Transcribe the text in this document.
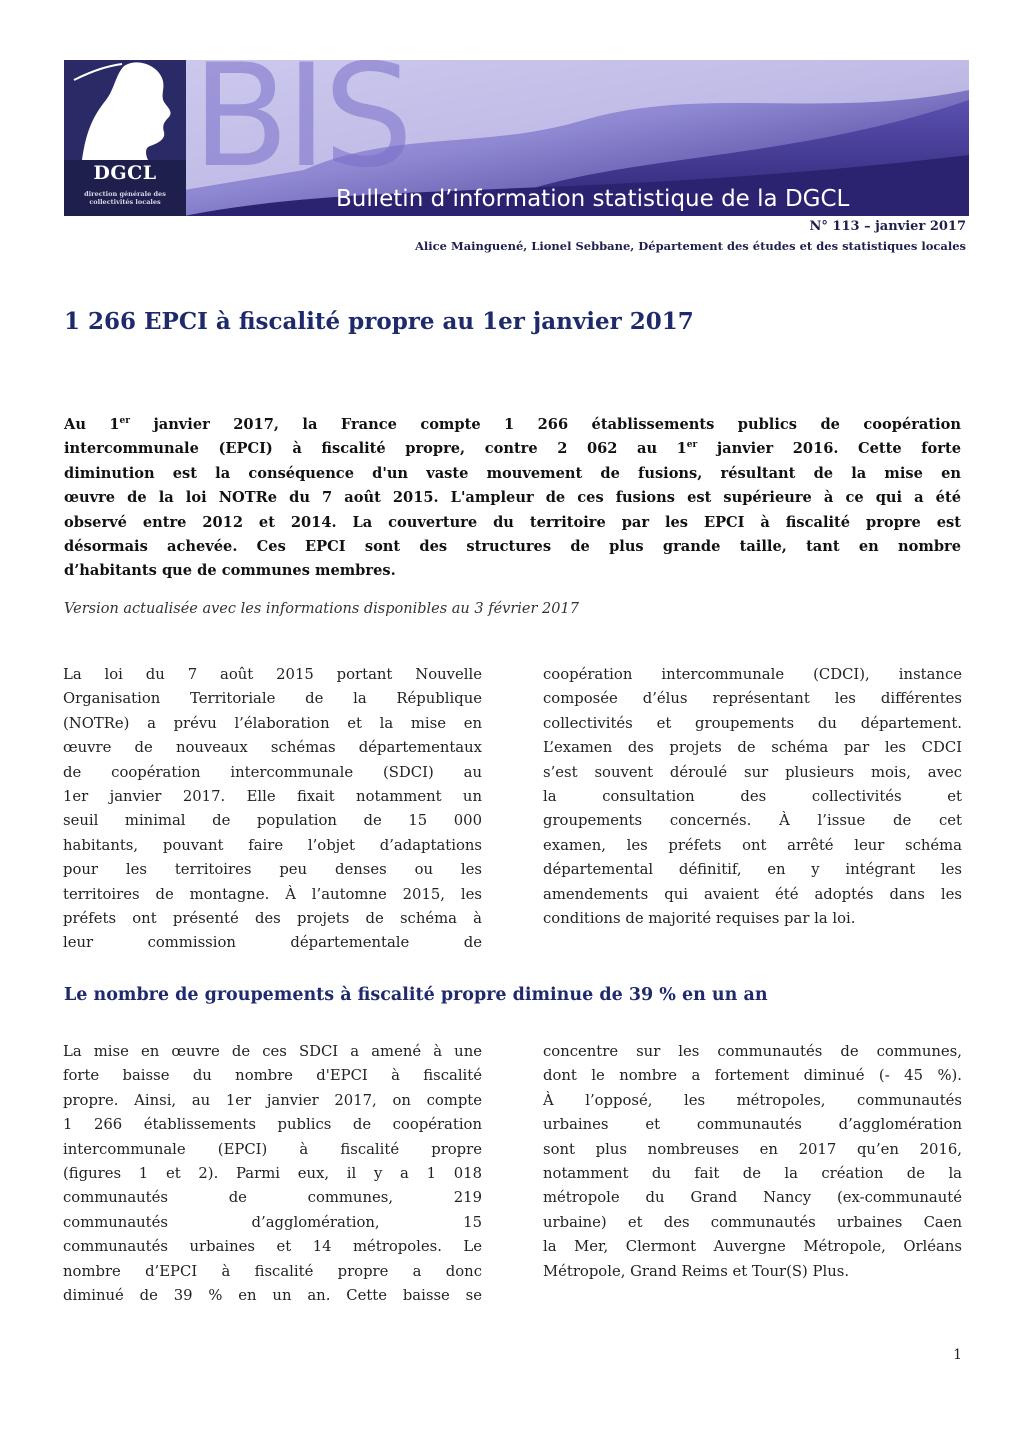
DGCL
direction générale des collectivités locales
BIS
Bulletin d’information statistique de la DGCL
N° 113 – janvier 2017
Alice Mainguené, Lionel Sebbane, Département des études et des statistiques locales
1 266 EPCI à fiscalité propre au 1er janvier 2017
Au 1er janvier 2017, la France compte 1 266 établissements publics de coopération
intercommunale (EPCI) à fiscalité propre, contre 2 062 au 1er janvier 2016. Cette forte
diminution est la conséquence d'un vaste mouvement de fusions, résultant de la mise en
œuvre de la loi NOTRe du 7 août 2015. L'ampleur de ces fusions est supérieure à ce qui a été
observé entre 2012 et 2014. La couverture du territoire par les EPCI à fiscalité propre est
désormais achevée. Ces EPCI sont des structures de plus grande taille, tant en nombre
d’habitants que de communes membres.
Version actualisée avec les informations disponibles au 3 février 2017
La loi du 7 août 2015 portant Nouvelle
Organisation Territoriale de la République
(NOTRe) a prévu l’élaboration et la mise en
œuvre de nouveaux schémas départementaux
de coopération intercommunale (SDCI) au
1er janvier 2017. Elle fixait notamment un
seuil minimal de population de 15 000
habitants, pouvant faire l’objet d’adaptations
pour les territoires peu denses ou les
territoires de montagne. À l’automne 2015, les
préfets ont présenté des projets de schéma à
leur commission départementale de
coopération intercommunale (CDCI), instance
composée d’élus représentant les différentes
collectivités et groupements du département.
L’examen des projets de schéma par les CDCI
s’est souvent déroulé sur plusieurs mois, avec
la consultation des collectivités et
groupements concernés. À l’issue de cet
examen, les préfets ont arrêté leur schéma
départemental définitif, en y intégrant les
amendements qui avaient été adoptés dans les
conditions de majorité requises par la loi.
Le nombre de groupements à fiscalité propre diminue de 39 % en un an
La mise en œuvre de ces SDCI a amené à une
forte baisse du nombre d'EPCI à fiscalité
propre. Ainsi, au 1er janvier 2017, on compte
1 266 établissements publics de coopération
intercommunale (EPCI) à fiscalité propre
(figures 1 et 2). Parmi eux, il y a 1 018
communautés de communes, 219
communautés d’agglomération, 15
communautés urbaines et 14 métropoles. Le
nombre d’EPCI à fiscalité propre a donc
diminué de 39 % en un an. Cette baisse se
concentre sur les communautés de communes,
dont le nombre a fortement diminué (- 45 %).
À l’opposé, les métropoles, communautés
urbaines et communautés d’agglomération
sont plus nombreuses en 2017 qu’en 2016,
notamment du fait de la création de la
métropole du Grand Nancy (ex-communauté
urbaine) et des communautés urbaines Caen
la Mer, Clermont Auvergne Métropole, Orléans
Métropole, Grand Reims et Tour(S) Plus.
1
